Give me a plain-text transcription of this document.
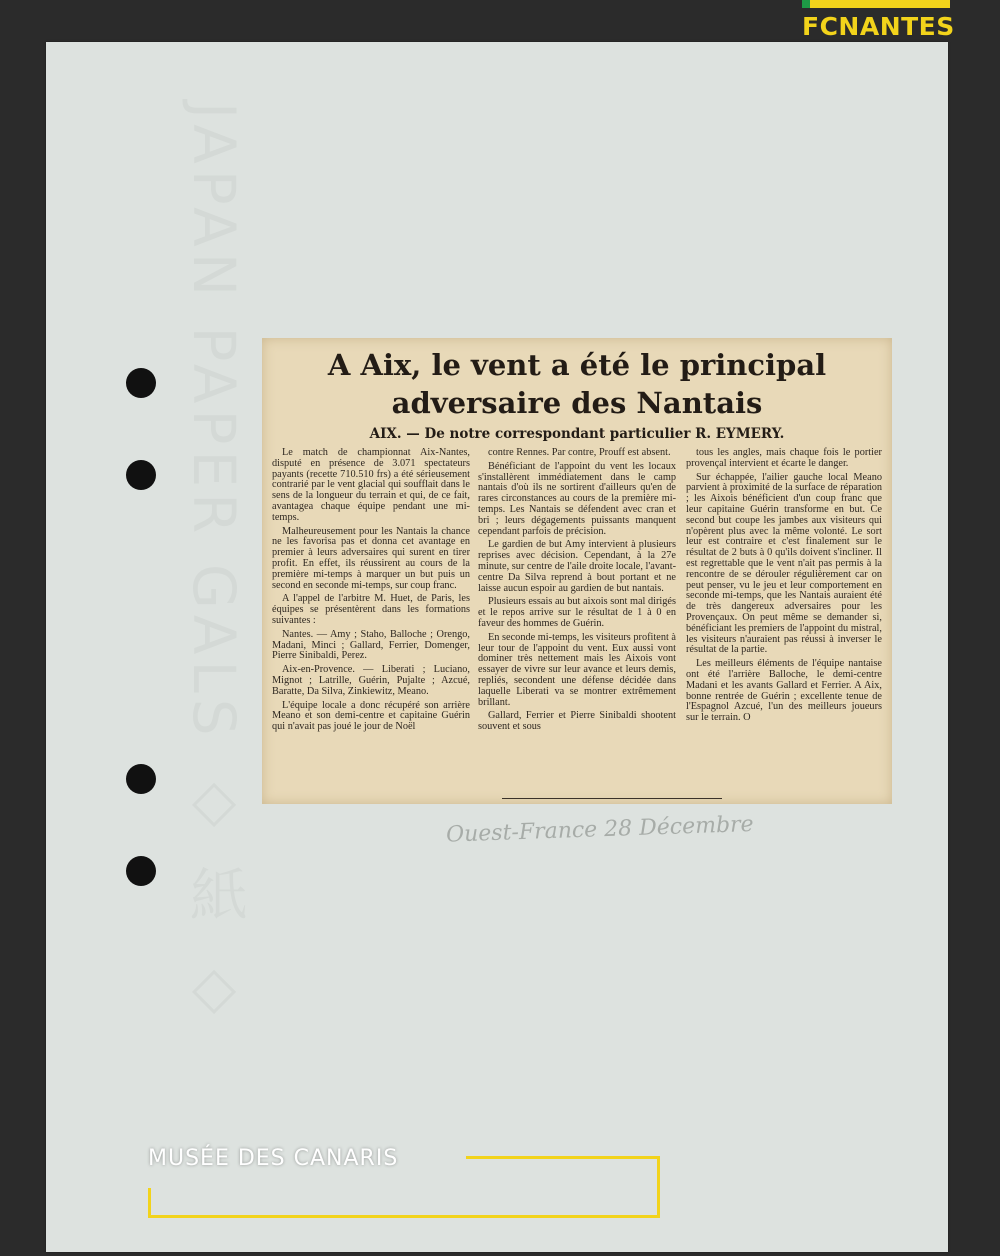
JAPAN PAPER GALS ◇ 紙 ◇
FCNANTES
A Aix, le vent a été le principal
adversaire des Nantais
AIX. — De notre correspondant particulier R. EYMERY.

Le match de championnat Aix-Nantes, disputé en présence de 3.071 spectateurs payants (recette 710.510 frs) a été sérieusement contrarié par le vent glacial qui soufflait dans le sens de la longueur du terrain et qui, de ce fait, avantagea chaque équipe pendant une mi-temps.

Malheureusement pour les Nantais la chance ne les favorisa pas et donna cet avantage en premier à leurs adversaires qui surent en tirer profit. En effet, ils réussirent au cours de la première mi-temps à marquer un but puis un second en seconde mi-temps, sur coup franc.

A l'appel de l'arbitre M. Huet, de Paris, les équipes se présentèrent dans les formations suivantes :

Nantes. — Amy ; Staho, Balloche ; Orengo, Madani, Minci ; Gallard, Ferrier, Domenger, Pierre Sinibaldi, Perez.

Aix-en-Provence. — Liberati ; Luciano, Mignot ; Latrille, Guérin, Pujalte ; Azcué, Baratte, Da Silva, Zinkiewitz, Meano.

L'équipe locale a donc récupéré son arrière Meano et son demi-centre et capitaine Guérin qui n'avait pas joué le jour de Noël

contre Rennes. Par contre, Prouff est absent.

Bénéficiant de l'appoint du vent les locaux s'installèrent immédiatement dans le camp nantais d'où ils ne sortirent d'ailleurs qu'en de rares circonstances au cours de la première mi-temps. Les Nantais se défendent avec cran et bri ; leurs dégagements puissants manquent cependant parfois de précision.

Le gardien de but Amy intervient à plusieurs reprises avec décision. Cependant, à la 27e minute, sur centre de l'aile droite locale, l'avant-centre Da Silva reprend à bout portant et ne laisse aucun espoir au gardien de but nantais.

Plusieurs essais au but aixois sont mal dirigés et le repos arrive sur le résultat de 1 à 0 en faveur des hommes de Guérin.

En seconde mi-temps, les visiteurs profitent à leur tour de l'appoint du vent. Eux aussi vont dominer très nettement mais les Aixois vont essayer de vivre sur leur avance et leurs demis, repliés, secondent une défense décidée dans laquelle Liberati va se montrer extrêmement brillant.

Gallard, Ferrier et Pierre Sinibaldi shootent souvent et sous

tous les angles, mais chaque fois le portier provençal intervient et écarte le danger.

Sur échappée, l'ailier gauche local Meano parvient à proximité de la surface de réparation ; les Aixois bénéficient d'un coup franc que leur capitaine Guérin transforme en but. Ce second but coupe les jambes aux visiteurs qui n'opèrent plus avec la même volonté. Le sort leur est contraire et c'est finalement sur le résultat de 2 buts à 0 qu'ils doivent s'incliner. Il est regrettable que le vent n'ait pas permis à la rencontre de se dérouler régulièrement car on peut penser, vu le jeu et leur comportement en seconde mi-temps, que les Nantais auraient été de très dangereux adversaires pour les Provençaux. On peut même se demander si, bénéficiant les premiers de l'appoint du mistral, les visiteurs n'auraient pas réussi à inverser le résultat de la partie.

Les meilleurs éléments de l'équipe nantaise ont été l'arrière Balloche, le demi-centre Madani et les avants Gallard et Ferrier. A Aix, bonne rentrée de Guérin ; excellente tenue de l'Espagnol Azcué, l'un des meilleurs joueurs sur le terrain. O

Ouest-France 28 Décembre
MUSÉE DES CANARIS
